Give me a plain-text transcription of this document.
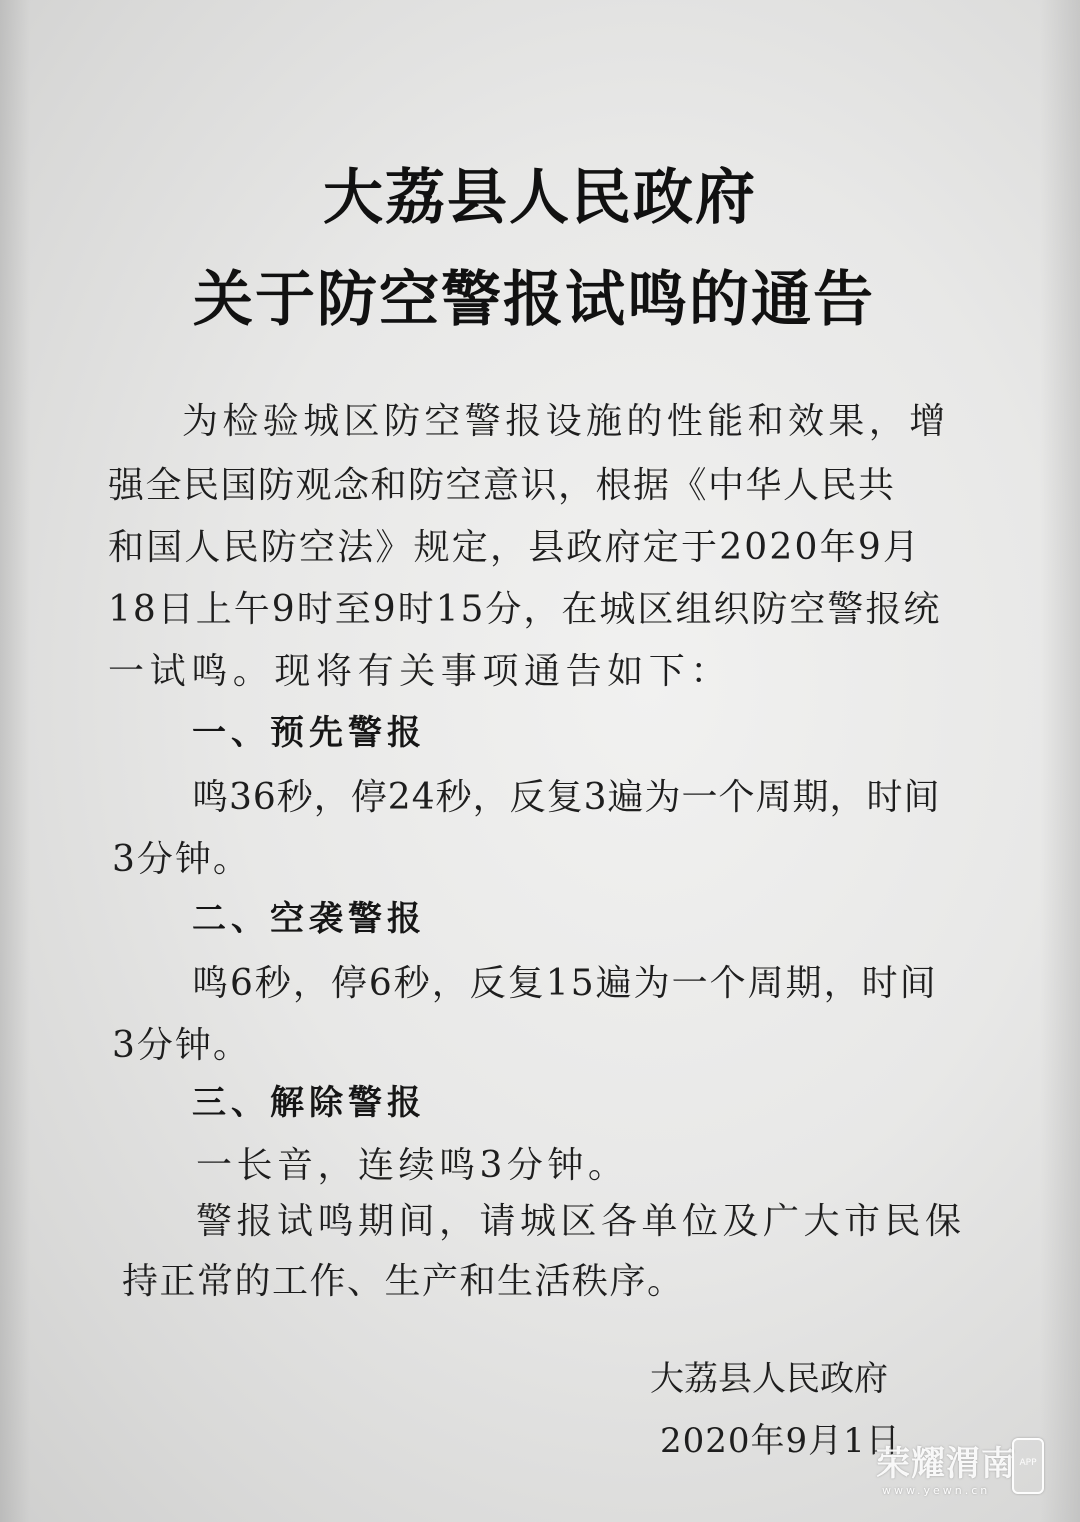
大荔县人民政府
关于防空警报试鸣的通告
为检验城区防空警报设施的性能和效果，增
强全民国防观念和防空意识，根据《中华人民共
和国人民防空法》规定，县政府定于2020年9月
18日上午9时至9时15分，在城区组织防空警报统
一试鸣。现将有关事项通告如下：
一、预先警报
鸣36秒，停24秒，反复3遍为一个周期，时间
3分钟。
二、空袭警报
鸣6秒，停6秒，反复15遍为一个周期，时间
3分钟。
三、解除警报
一长音，连续鸣3分钟。
警报试鸣期间，请城区各单位及广大市民保
持正常的工作、生产和生活秩序。
大荔县人民政府
2020年9月1日
荣耀渭南
www.yewn.cn
APP
